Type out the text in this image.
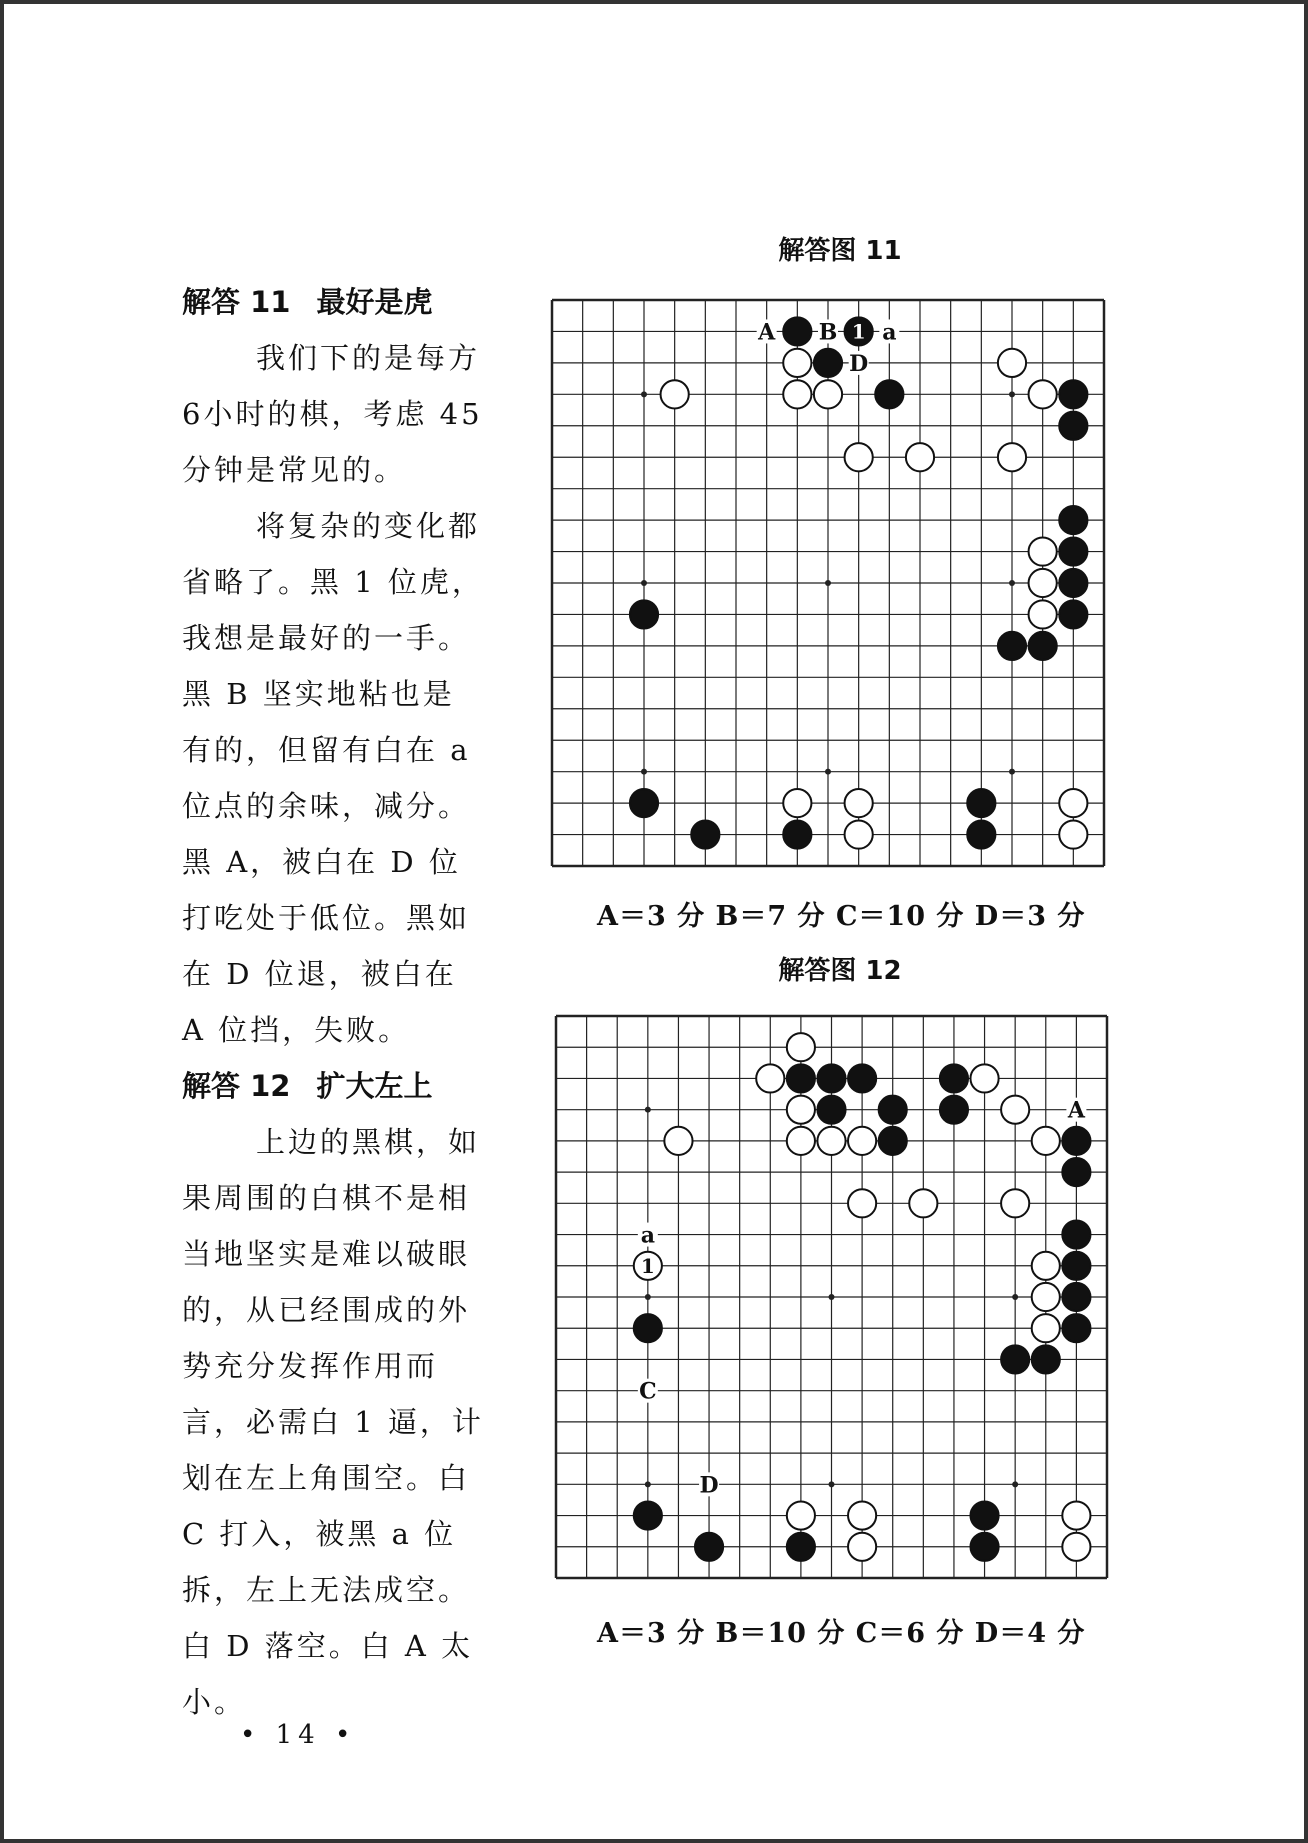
解答 11 最好是虎
我们下的是每方
6小时的棋，考虑 45
分钟是常见的。
将复杂的变化都
省略了。黑 1 位虎，
我想是最好的一手。
黑 B 坚实地粘也是
有的，但留有白在 a
位点的余味，减分。
黑 A，被白在 D 位
打吃处于低位。黑如
在 D 位退，被白在
A 位挡，失败。
解答 12 扩大左上
上边的黑棋，如
果周围的白棋不是相
当地坚实是难以破眼
的，从已经围成的外
势充分发挥作用而
言，必需白 1 逼，计
划在左上角围空。白
C 打入，被黑 a 位
拆，左上无法成空。
白 D 落空。白 A 太
小。
• 14 •
解答图 11
1
A B a
D
A＝3 分 B＝7 分 C＝10 分 D＝3 分
解答图 12
1
A
a
C
D
A＝3 分 B＝10 分 C＝6 分 D＝4 分
